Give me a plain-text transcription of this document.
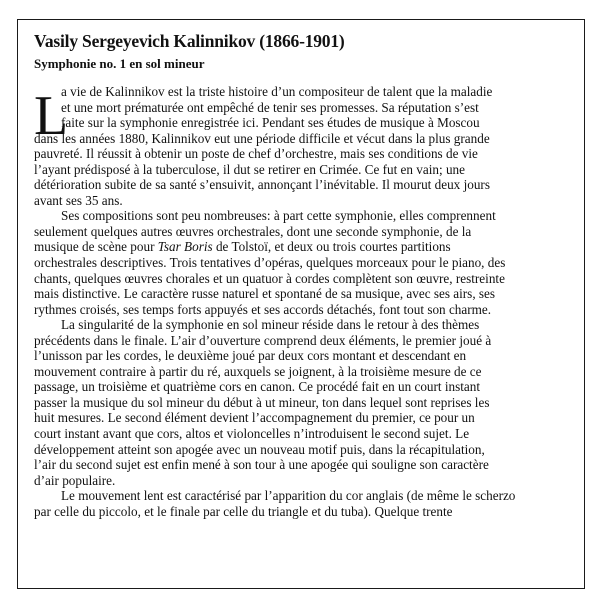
Vasily Sergeyevich Kalinnikov (1866-1901)
Symphonie no. 1 en sol mineur
L
a vie de Kalinnikov est la triste histoire d’un compositeur de talent que la maladie
et une mort prématurée ont empêché de tenir ses promesses. Sa réputation s’est
faite sur la symphonie enregistrée ici. Pendant ses études de musique à Moscou
dans les années 1880, Kalinnikov eut une période difficile et vécut dans la plus grande
pauvreté. Il réussit à obtenir un poste de chef d’orchestre, mais ses conditions de vie
l’ayant prédisposé à la tuberculose, il dut se retirer en Crimée. Ce fut en vain; une
détérioration subite de sa santé s’ensuivit, annonçant l’inévitable. Il mourut deux jours
avant ses 35 ans.
Ses compositions sont peu nombreuses: à part cette symphonie, elles comprennent
seulement quelques autres œuvres orchestrales, dont une seconde symphonie, de la
musique de scène pour Tsar Boris de Tolstoï, et deux ou trois courtes partitions
orchestrales descriptives. Trois tentatives d’opéras, quelques morceaux pour le piano, des
chants, quelques œuvres chorales et un quatuor à cordes complètent son œuvre, restreinte
mais distinctive. Le caractère russe naturel et spontané de sa musique, avec ses airs, ses
rythmes croisés, ses temps forts appuyés et ses accords détachés, font tout son charme.
La singularité de la symphonie en sol mineur réside dans le retour à des thèmes
précédents dans le finale. L’air d’ouverture comprend deux éléments, le premier joué à
l’unisson par les cordes, le deuxième joué par deux cors montant et descendant en
mouvement contraire à partir du ré, auxquels se joignent, à la troisième mesure de ce
passage, un troisième et quatrième cors en canon. Ce procédé fait en un court instant
passer la musique du sol mineur du début à ut mineur, ton dans lequel sont reprises les
huit mesures. Le second élément devient l’accompagnement du premier, ce pour un
court instant avant que cors, altos et violoncelles n’introduisent le second sujet. Le
développement atteint son apogée avec un nouveau motif puis, dans la récapitulation,
l’air du second sujet est enfin mené à son tour à une apogée qui souligne son caractère
d’air populaire.
Le mouvement lent est caractérisé par l’apparition du cor anglais (de même le scherzo
par celle du piccolo, et le finale par celle du triangle et du tuba). Quelque trente
